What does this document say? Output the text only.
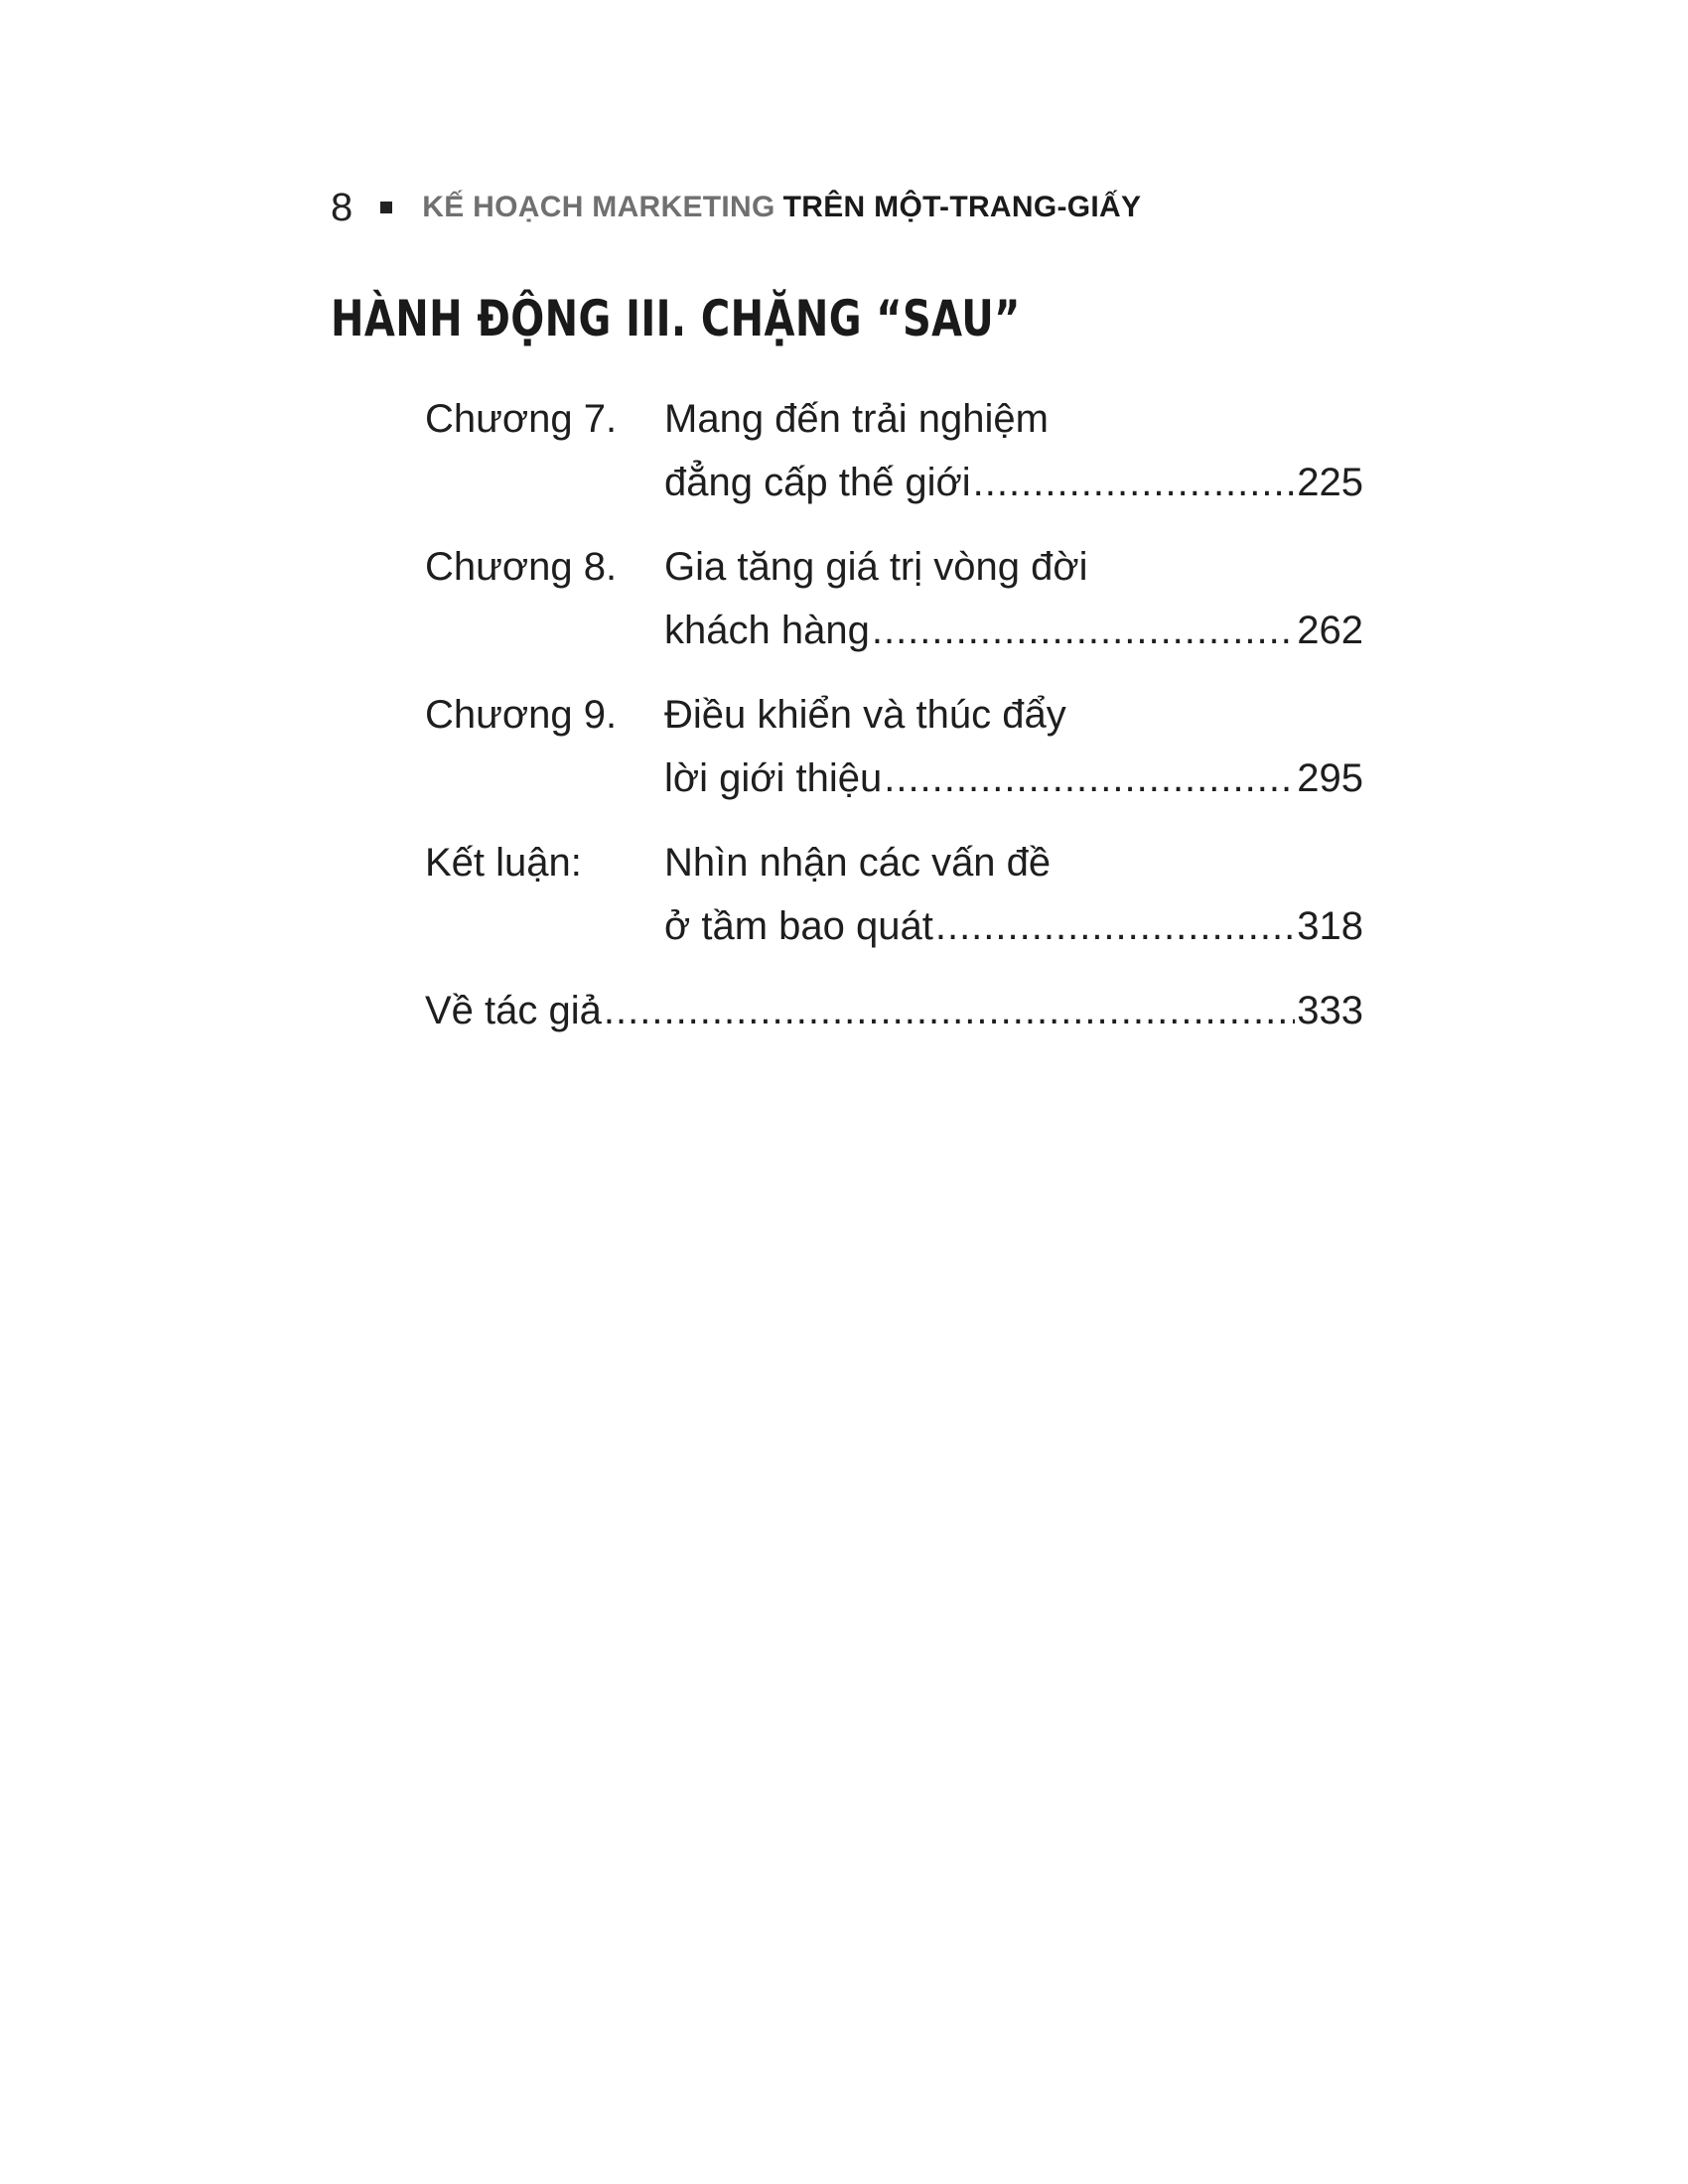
8 KẾ HOẠCH MARKETING TRÊN MỘT-TRANG-GIẤY
HÀNH ĐỘNG III. CHẶNG “SAU”
Chương 7. Mang đến trải nghiệm
đẳng cấp thế giới .....	225
Chương 8. Gia tăng giá trị vòng đời
khách hàng .....	262
Chương 9. Điều khiển và thúc đẩy
lời giới thiệu .....	295
Kết luận: Nhìn nhận các vấn đề
ở tầm bao quát .....	318
Về tác giả .....	333
